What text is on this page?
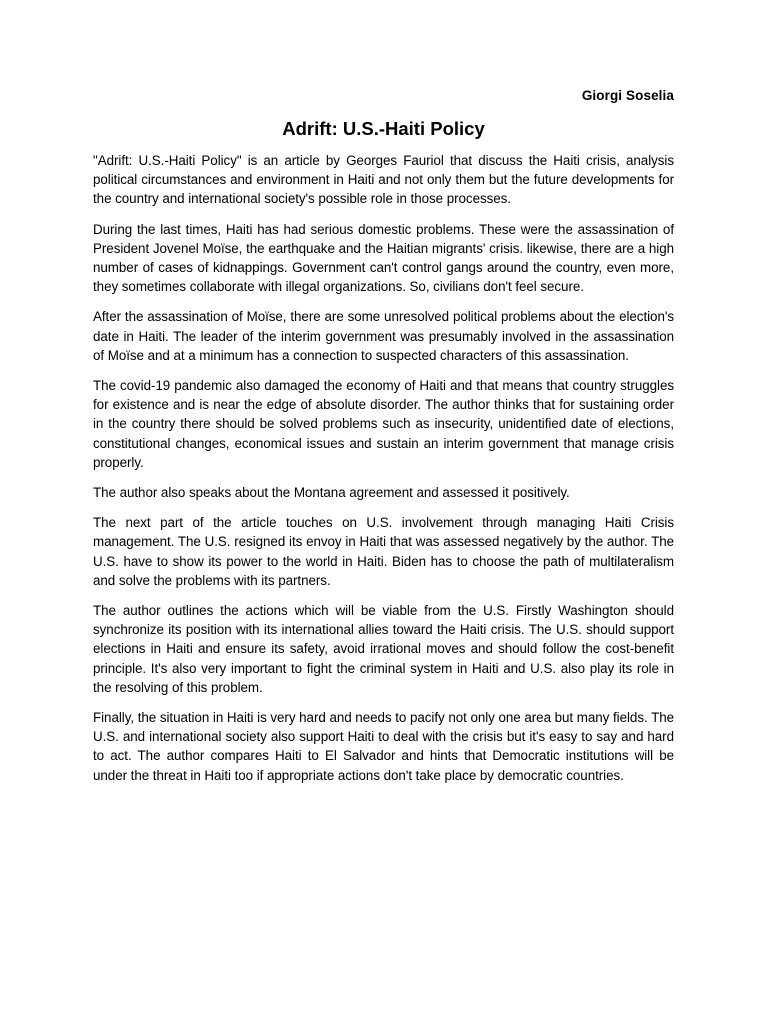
Giorgi Soselia

Adrift: U.S.-Haiti Policy

"Adrift: U.S.-Haiti Policy" is an article by Georges Fauriol that discuss the Haiti crisis, analysis political circumstances and environment in Haiti and not only them but the future developments for the country and international society's possible role in those processes.

During the last times, Haiti has had serious domestic problems. These were the assassination of President Jovenel Moïse, the earthquake and the Haitian migrants' crisis. likewise, there are a high number of cases of kidnappings. Government can't control gangs around the country, even more, they sometimes collaborate with illegal organizations. So, civilians don't feel secure.

After the assassination of Moïse, there are some unresolved political problems about the election's date in Haiti. The leader of the interim government was presumably involved in the assassination of Moïse and at a minimum has a connection to suspected characters of this assassination.

The covid-19 pandemic also damaged the economy of Haiti and that means that country struggles for existence and is near the edge of absolute disorder. The author thinks that for sustaining order in the country there should be solved problems such as insecurity, unidentified date of elections, constitutional changes, economical issues and sustain an interim government that manage crisis properly.

The author also speaks about the Montana agreement and assessed it positively.

The next part of the article touches on U.S. involvement through managing Haiti Crisis management. The U.S. resigned its envoy in Haiti that was assessed negatively by the author. The U.S. have to show its power to the world in Haiti. Biden has to choose the path of multilateralism and solve the problems with its partners.

The author outlines the actions which will be viable from the U.S. Firstly Washington should synchronize its position with its international allies toward the Haiti crisis. The U.S. should support elections in Haiti and ensure its safety, avoid irrational moves and should follow the cost-benefit principle. It's also very important to fight the criminal system in Haiti and U.S. also play its role in the resolving of this problem.

Finally, the situation in Haiti is very hard and needs to pacify not only one area but many fields. The U.S. and international society also support Haiti to deal with the crisis but it's easy to say and hard to act. The author compares Haiti to El Salvador and hints that Democratic institutions will be under the threat in Haiti too if appropriate actions don't take place by democratic countries.
